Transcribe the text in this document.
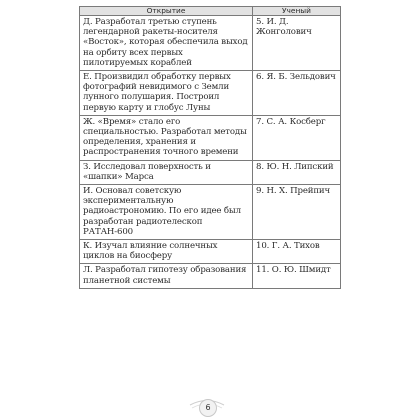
Открытие	Ученый
Д. Разработал третью ступень легендарной ракеты-носителя «Восток», которая обеспечила выход на орбиту всех первых пилотируемых кораблей	5. И. Д. Жонголович
Е. Произвидил обработку первых фотографий невидимого с Земли лунного полушария. Построил первую карту и глобус Луны	6. Я. Б. Зельдович
Ж. «Время» стало его специальностью. Разработал методы определения, хранения и распространения точного времени	7. С. А. Косберг
З. Исследовал поверхность и «шапки» Марса	8. Ю. Н. Липский
И. Основал советскую экспериментальную радиоастрономию. По его идее был разработан радиотелескоп РАТАН-600	9. Н. Х. Прейпич
К. Изучал влияние солнечных циклов на биосферу	10. Г. А. Тихов
Л. Разработал гипотезу образования планетной системы	11. О. Ю. Шмидт
6
